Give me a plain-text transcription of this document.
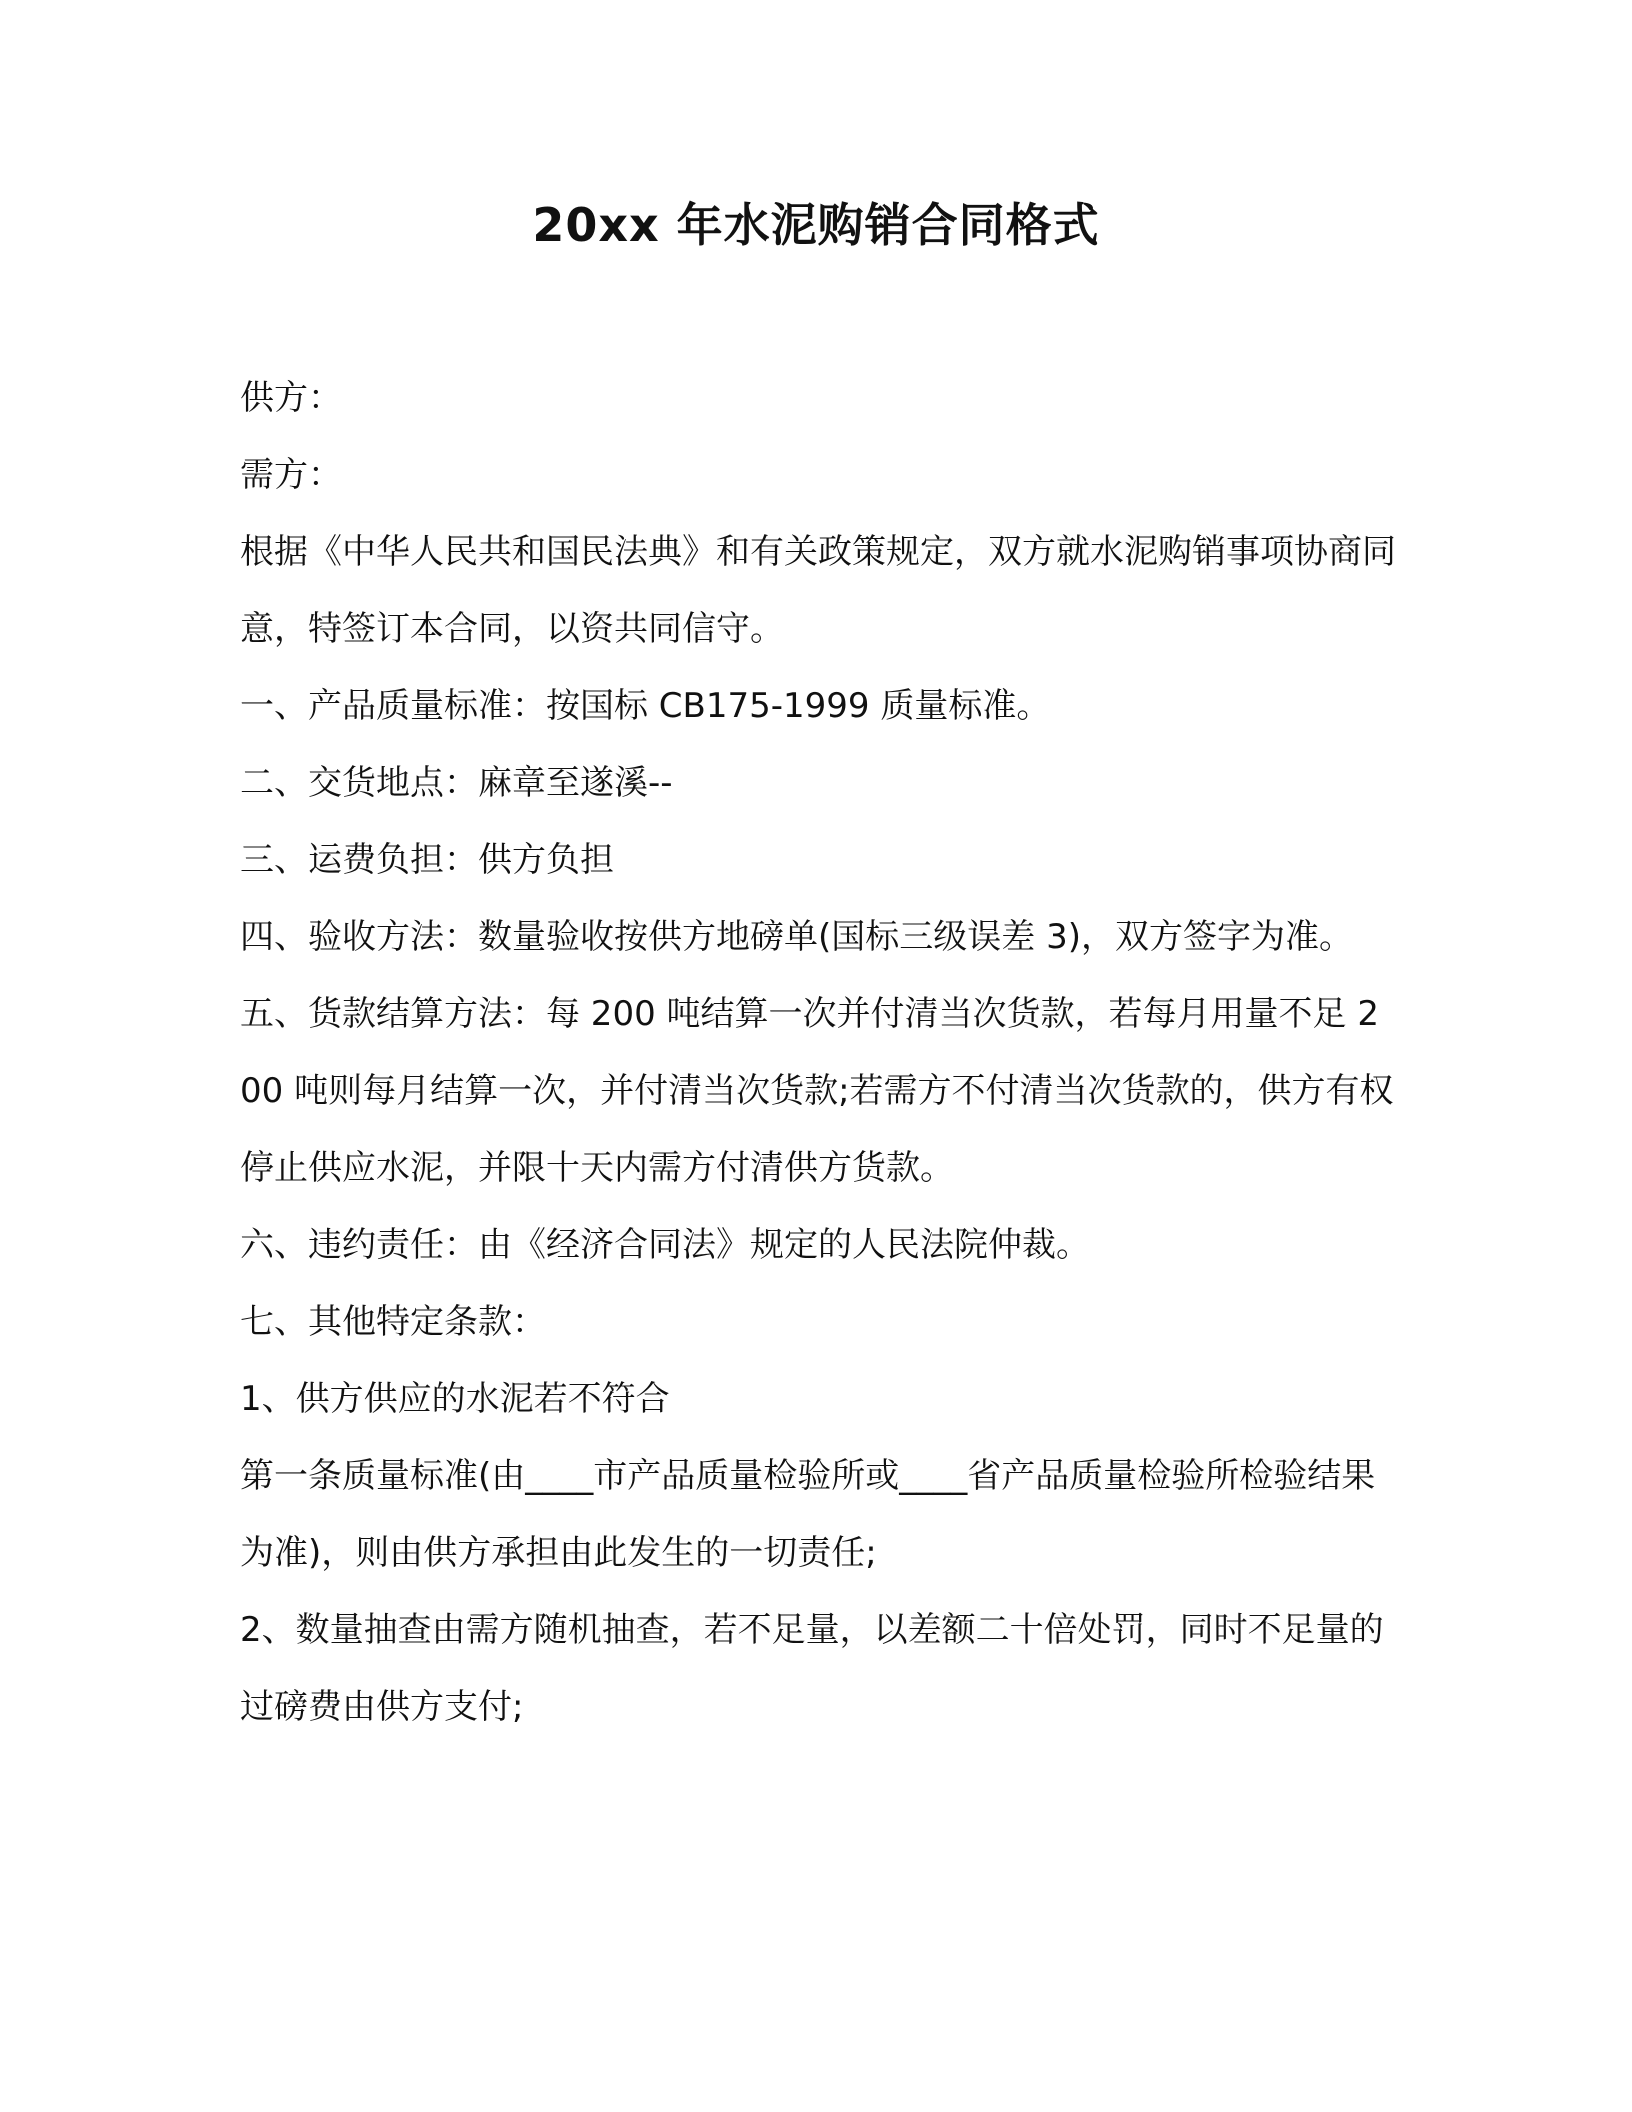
20xx 年水泥购销合同格式

供方：

需方：

根据《中华人民共和国民法典》和有关政策规定，双方就水泥购销事项协商同意，特签订本合同，以资共同信守。

一、产品质量标准：按国标 CB175-1999 质量标准。

二、交货地点：麻章至遂溪--

三、运费负担：供方负担

四、验收方法：数量验收按供方地磅单(国标三级误差 3)，双方签字为准。

五、货款结算方法：每 200 吨结算一次并付清当次货款，若每月用量不足 200 吨则每月结算一次，并付清当次货款;若需方不付清当次货款的，供方有权停止供应水泥，并限十天内需方付清供方货款。

六、违约责任：由《经济合同法》规定的人民法院仲裁。

七、其他特定条款：

1、供方供应的水泥若不符合

第一条质量标准(由____市产品质量检验所或____省产品质量检验所检验结果为准)，则由供方承担由此发生的一切责任;

2、数量抽查由需方随机抽查，若不足量，以差额二十倍处罚，同时不足量的过磅费由供方支付;
